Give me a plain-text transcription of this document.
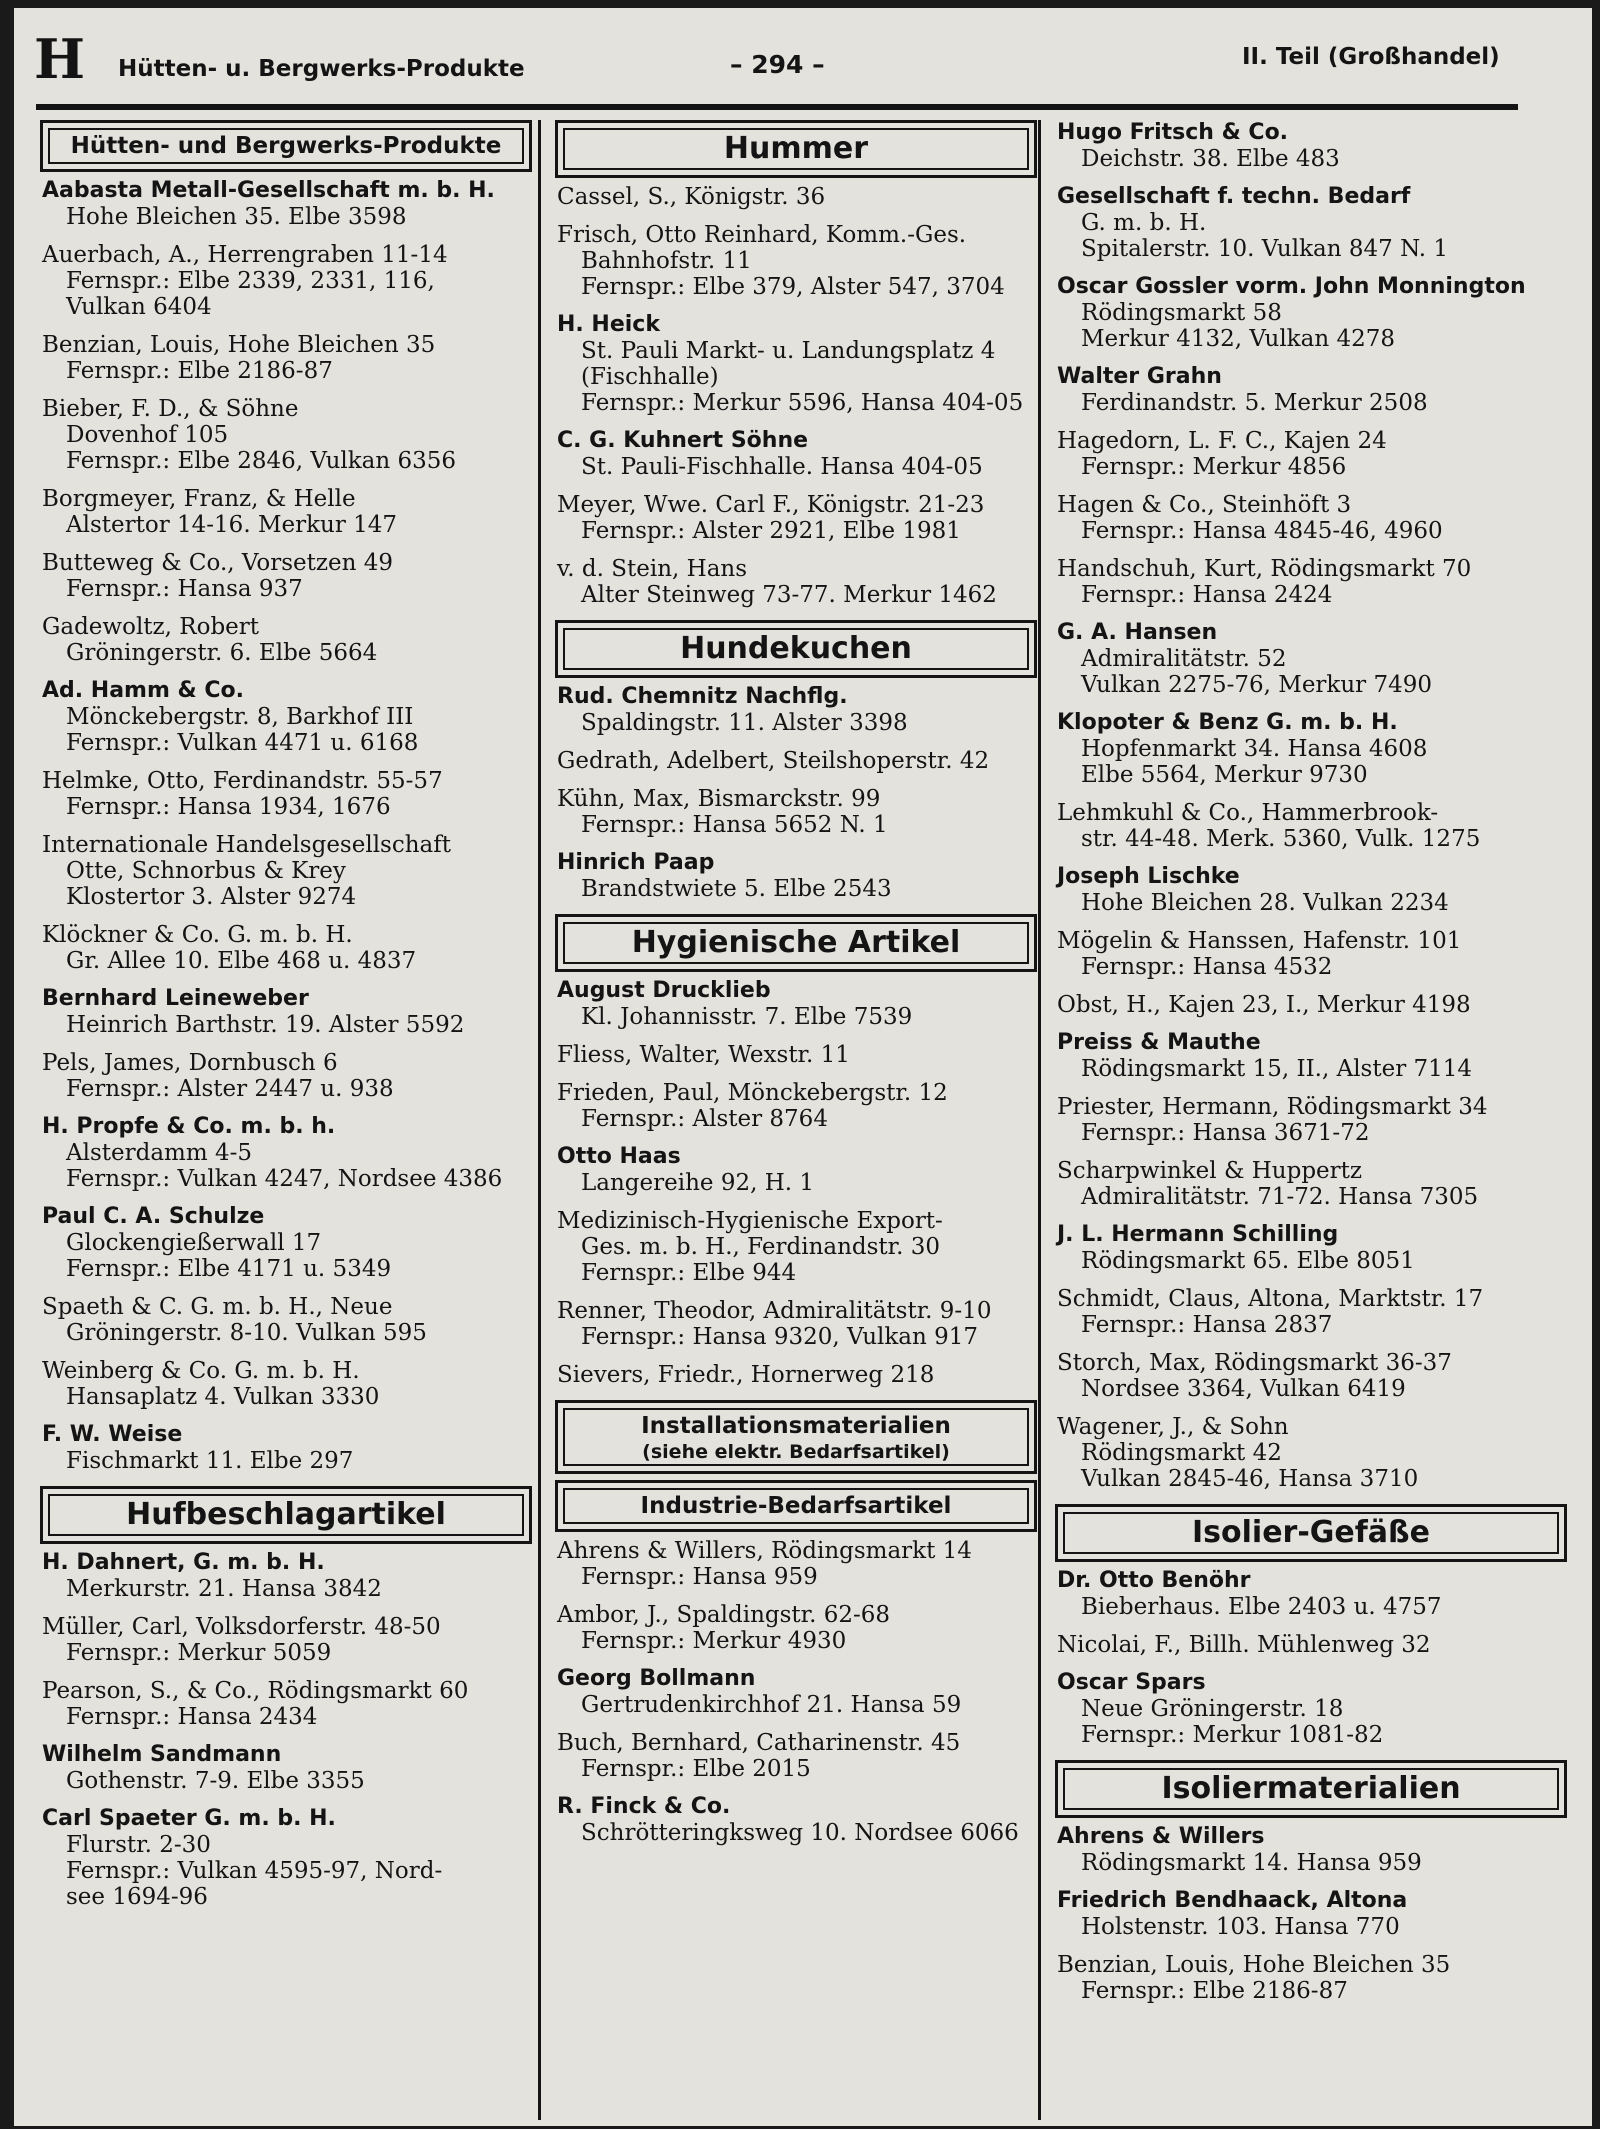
H Hütten- u. Bergwerks-Produkte	– 294 –	II. Teil (Großhandel)
Hütten- und Bergwerks-Produkte
Aabasta Metall-Gesellschaft m. b. H.
Hohe Bleichen 35. Elbe 3598
Auerbach, A., Herrengraben 11-14
Fernspr.: Elbe 2339, 2331, 116,
Vulkan 6404
Benzian, Louis, Hohe Bleichen 35
Fernspr.: Elbe 2186-87
Bieber, F. D., & Söhne
Dovenhof 105
Fernspr.: Elbe 2846, Vulkan 6356
Borgmeyer, Franz, & Helle
Alstertor 14-16. Merkur 147
Butteweg & Co., Vorsetzen 49
Fernspr.: Hansa 937
Gadewoltz, Robert
Gröningerstr. 6. Elbe 5664
Ad. Hamm & Co.
Mönckebergstr. 8, Barkhof III
Fernspr.: Vulkan 4471 u. 6168
Helmke, Otto, Ferdinandstr. 55-57
Fernspr.: Hansa 1934, 1676
Internationale Handelsgesellschaft
Otte, Schnorbus & Krey
Klostertor 3. Alster 9274
Klöckner & Co. G. m. b. H.
Gr. Allee 10. Elbe 468 u. 4837
Bernhard Leineweber
Heinrich Barthstr. 19. Alster 5592
Pels, James, Dornbusch 6
Fernspr.: Alster 2447 u. 938
H. Propfe & Co. m. b. h.
Alsterdamm 4-5
Fernspr.: Vulkan 4247, Nordsee 4386
Paul C. A. Schulze
Glockengießerwall 17
Fernspr.: Elbe 4171 u. 5349
Spaeth & C. G. m. b. H., Neue
Gröningerstr. 8-10. Vulkan 595
Weinberg & Co. G. m. b. H.
Hansaplatz 4. Vulkan 3330
F. W. Weise
Fischmarkt 11. Elbe 297
Hufbeschlagartikel
H. Dahnert, G. m. b. H.
Merkurstr. 21. Hansa 3842
Müller, Carl, Volksdorferstr. 48-50
Fernspr.: Merkur 5059
Pearson, S., & Co., Rödingsmarkt 60
Fernspr.: Hansa 2434
Wilhelm Sandmann
Gothenstr. 7-9. Elbe 3355
Carl Spaeter G. m. b. H.
Flurstr. 2-30
Fernspr.: Vulkan 4595-97, Nord-
see 1694-96
Hummer
Cassel, S., Königstr. 36
Frisch, Otto Reinhard, Komm.-Ges.
Bahnhofstr. 11
Fernspr.: Elbe 379, Alster 547, 3704
H. Heick
St. Pauli Markt- u. Landungsplatz 4
(Fischhalle)
Fernspr.: Merkur 5596, Hansa 404-05
C. G. Kuhnert Söhne
St. Pauli-Fischhalle. Hansa 404-05
Meyer, Wwe. Carl F., Königstr. 21-23
Fernspr.: Alster 2921, Elbe 1981
v. d. Stein, Hans
Alter Steinweg 73-77. Merkur 1462
Hundekuchen
Rud. Chemnitz Nachflg.
Spaldingstr. 11. Alster 3398
Gedrath, Adelbert, Steilshoperstr. 42
Kühn, Max, Bismarckstr. 99
Fernspr.: Hansa 5652 N. 1
Hinrich Paap
Brandstwiete 5. Elbe 2543
Hygienische Artikel
August Drucklieb
Kl. Johannisstr. 7. Elbe 7539
Fliess, Walter, Wexstr. 11
Frieden, Paul, Mönckebergstr. 12
Fernspr.: Alster 8764
Otto Haas
Langereihe 92, H. 1
Medizinisch-Hygienische Export-
Ges. m. b. H., Ferdinandstr. 30
Fernspr.: Elbe 944
Renner, Theodor, Admiralitätstr. 9-10
Fernspr.: Hansa 9320, Vulkan 917
Sievers, Friedr., Hornerweg 218
Installationsmaterialien
(siehe elektr. Bedarfsartikel)
Industrie-Bedarfsartikel
Ahrens & Willers, Rödingsmarkt 14
Fernspr.: Hansa 959
Ambor, J., Spaldingstr. 62-68
Fernspr.: Merkur 4930
Georg Bollmann
Gertrudenkirchhof 21. Hansa 59
Buch, Bernhard, Catharinenstr. 45
Fernspr.: Elbe 2015
R. Finck & Co.
Schrötteringksweg 10. Nordsee 6066
Hugo Fritsch & Co.
Deichstr. 38. Elbe 483
Gesellschaft f. techn. Bedarf
G. m. b. H.
Spitalerstr. 10. Vulkan 847 N. 1
Oscar Gossler vorm. John Monnington
Rödingsmarkt 58
Merkur 4132, Vulkan 4278
Walter Grahn
Ferdinandstr. 5. Merkur 2508
Hagedorn, L. F. C., Kajen 24
Fernspr.: Merkur 4856
Hagen & Co., Steinhöft 3
Fernspr.: Hansa 4845-46, 4960
Handschuh, Kurt, Rödingsmarkt 70
Fernspr.: Hansa 2424
G. A. Hansen
Admiralitätstr. 52
Vulkan 2275-76, Merkur 7490
Klopoter & Benz G. m. b. H.
Hopfenmarkt 34. Hansa 4608
Elbe 5564, Merkur 9730
Lehmkuhl & Co., Hammerbrook-
str. 44-48. Merk. 5360, Vulk. 1275
Joseph Lischke
Hohe Bleichen 28. Vulkan 2234
Mögelin & Hanssen, Hafenstr. 101
Fernspr.: Hansa 4532
Obst, H., Kajen 23, I., Merkur 4198
Preiss & Mauthe
Rödingsmarkt 15, II., Alster 7114
Priester, Hermann, Rödingsmarkt 34
Fernspr.: Hansa 3671-72
Scharpwinkel & Huppertz
Admiralitätstr. 71-72. Hansa 7305
J. L. Hermann Schilling
Rödingsmarkt 65. Elbe 8051
Schmidt, Claus, Altona, Marktstr. 17
Fernspr.: Hansa 2837
Storch, Max, Rödingsmarkt 36-37
Nordsee 3364, Vulkan 6419
Wagener, J., & Sohn
Rödingsmarkt 42
Vulkan 2845-46, Hansa 3710
Isolier-Gefäße
Dr. Otto Benöhr
Bieberhaus. Elbe 2403 u. 4757
Nicolai, F., Billh. Mühlenweg 32
Oscar Spars
Neue Gröningerstr. 18
Fernspr.: Merkur 1081-82
Isoliermaterialien
Ahrens & Willers
Rödingsmarkt 14. Hansa 959
Friedrich Bendhaack, Altona
Holstenstr. 103. Hansa 770
Benzian, Louis, Hohe Bleichen 35
Fernspr.: Elbe 2186-87
